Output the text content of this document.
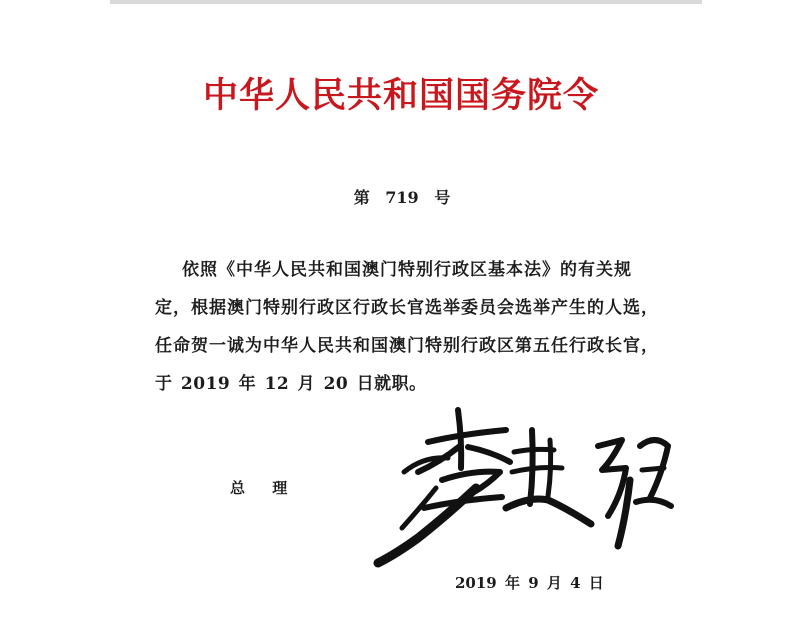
中华人民共和国国务院令
第 719 号
依照《中华人民共和国澳门特别行政区基本法》的有关规
定，根据澳门特别行政区行政长官选举委员会选举产生的人选，
任命贺一诚为中华人民共和国澳门特别行政区第五任行政长官，
于 2019 年 12 月 20 日就职。
总 理
2019 年 9 月 4 日
